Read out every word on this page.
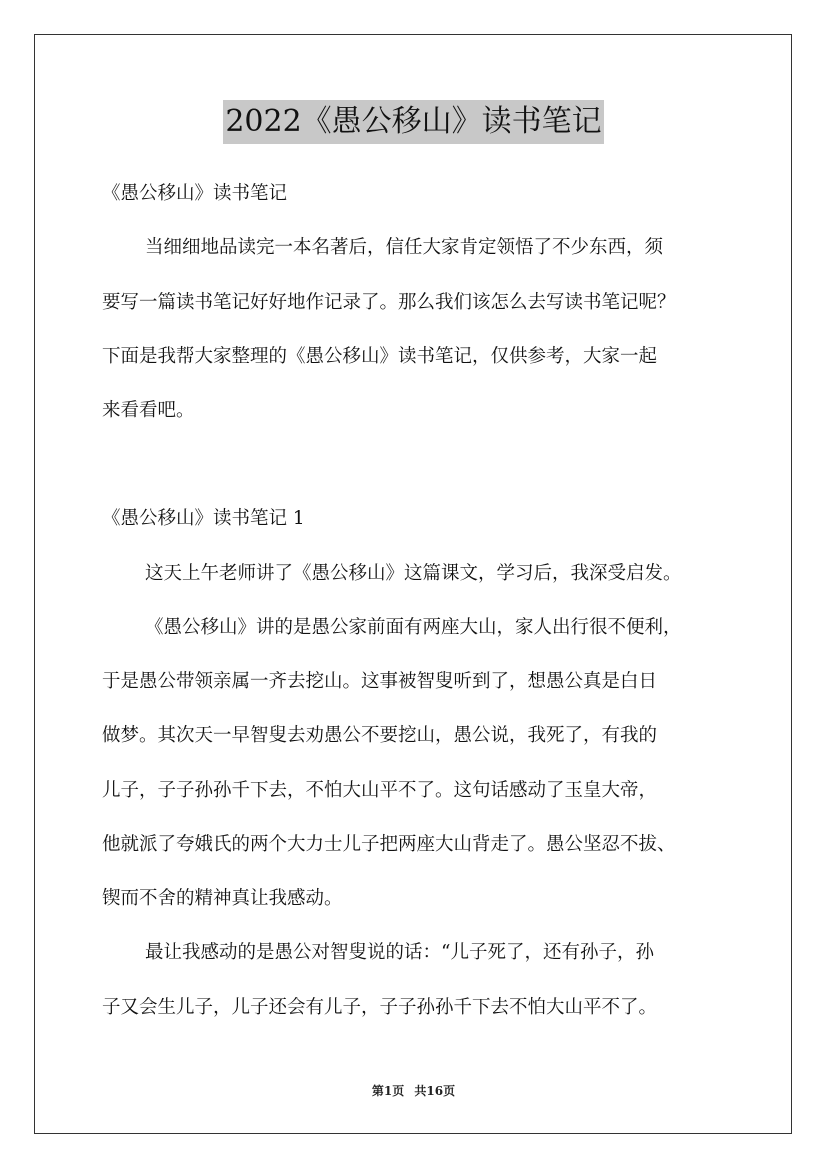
2022《愚公移山》读书笔记

《愚公移山》读书笔记

当细细地品读完一本名著后，信任大家肯定领悟了不少东西，须

要写一篇读书笔记好好地作记录了。那么我们该怎么去写读书笔记呢？

下面是我帮大家整理的《愚公移山》读书笔记，仅供参考，大家一起

来看看吧。

《愚公移山》读书笔记 1

这天上午老师讲了《愚公移山》这篇课文，学习后，我深受启发。

《愚公移山》讲的是愚公家前面有两座大山，家人出行很不便利，

于是愚公带领亲属一齐去挖山。这事被智叟听到了，想愚公真是白日

做梦。其次天一早智叟去劝愚公不要挖山，愚公说，我死了，有我的

儿子，子子孙孙千下去，不怕大山平不了。这句话感动了玉皇大帝，

他就派了夸娥氏的两个大力士儿子把两座大山背走了。愚公坚忍不拔、

锲而不舍的精神真让我感动。

最让我感动的是愚公对智叟说的话：“儿子死了，还有孙子，孙

子又会生儿子，儿子还会有儿子，子子孙孙千下去不怕大山平不了。

第1页 共16页
